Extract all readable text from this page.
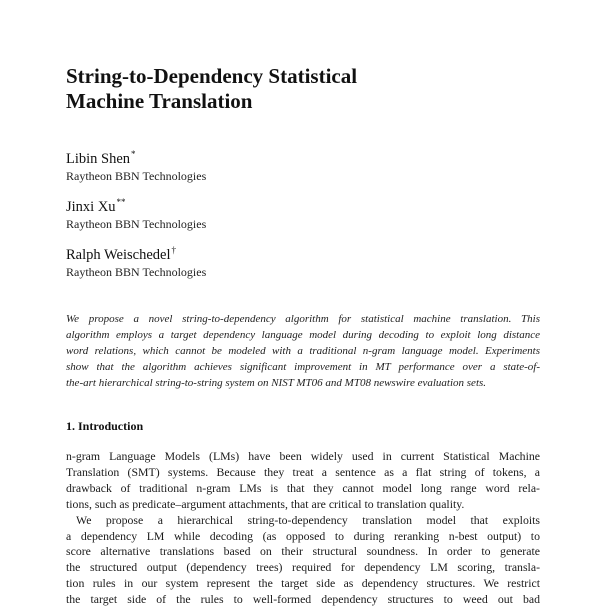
String-to-Dependency Statistical
Machine Translation
Libin Shen*
Raytheon BBN Technologies
Jinxi Xu**
Raytheon BBN Technologies
Ralph Weischedel†
Raytheon BBN Technologies
We propose a novel string-to-dependency algorithm for statistical machine translation. This
algorithm employs a target dependency language model during decoding to exploit long distance
word relations, which cannot be modeled with a traditional n-gram language model. Experiments
show that the algorithm achieves significant improvement in MT performance over a state-of-
the-art hierarchical string-to-string system on NIST MT06 and MT08 newswire evaluation sets.
1. Introduction
n-gram Language Models (LMs) have been widely used in current Statistical Machine
Translation (SMT) systems. Because they treat a sentence as a flat string of tokens, a
drawback of traditional n-gram LMs is that they cannot model long range word rela-
tions, such as predicate–argument attachments, that are critical to translation quality.
We propose a hierarchical string-to-dependency translation model that exploits
a dependency LM while decoding (as opposed to during reranking n-best output) to
score alternative translations based on their structural soundness. In order to generate
the structured output (dependency trees) required for dependency LM scoring, transla-
tion rules in our system represent the target side as dependency structures. We restrict
the target side of the rules to well-formed dependency structures to weed out bad
